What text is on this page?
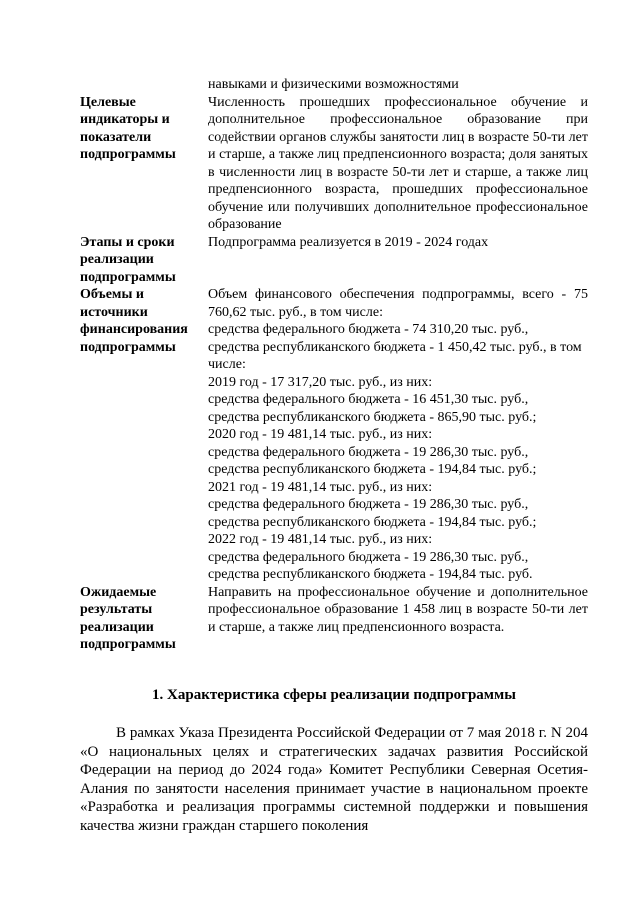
навыками и физическими возможностями
Целевые индикаторы и показатели подпрограммы
Численность прошедших профессиональное обучение и дополнительное профессиональное образование при содействии органов службы занятости лиц в возрасте 50-ти лет и старше, а также лиц предпенсионного возраста; доля занятых в численности лиц в возрасте 50-ти лет и старше, а также лиц предпенсионного возраста, прошедших профессиональное обучение или получивших дополнительное профессиональное образование
Этапы и сроки реализации подпрограммы
Подпрограмма реализуется в 2019 - 2024 годах
Объемы и источники финансирования подпрограммы
Объем финансового обеспечения подпрограммы, всего - 75 760,62 тыс. руб., в том числе:
средства федерального бюджета - 74 310,20 тыс. руб.,
средства республиканского бюджета - 1 450,42 тыс. руб., в том числе:
2019 год - 17 317,20 тыс. руб., из них:
средства федерального бюджета - 16 451,30 тыс. руб.,
средства республиканского бюджета - 865,90 тыс. руб.;
2020 год - 19 481,14 тыс. руб., из них:
средства федерального бюджета - 19 286,30 тыс. руб.,
средства республиканского бюджета - 194,84 тыс. руб.;
2021 год - 19 481,14 тыс. руб., из них:
средства федерального бюджета - 19 286,30 тыс. руб.,
средства республиканского бюджета - 194,84 тыс. руб.;
2022 год - 19 481,14 тыс. руб., из них:
средства федерального бюджета - 19 286,30 тыс. руб.,
средства республиканского бюджета - 194,84 тыс. руб.
Ожидаемые результаты реализации подпрограммы
Направить на профессиональное обучение и дополнительное профессиональное образование 1 458 лиц в возрасте 50-ти лет и старше, а также лиц предпенсионного возраста.
1. Характеристика сферы реализации подпрограммы
В рамках Указа Президента Российской Федерации от 7 мая 2018 г. N 204 «О национальных целях и стратегических задачах развития Российской Федерации на период до 2024 года» Комитет Республики Северная Осетия-Алания по занятости населения принимает участие в национальном проекте «Разработка и реализация программы системной поддержки и повышения качества жизни граждан старшего поколения
